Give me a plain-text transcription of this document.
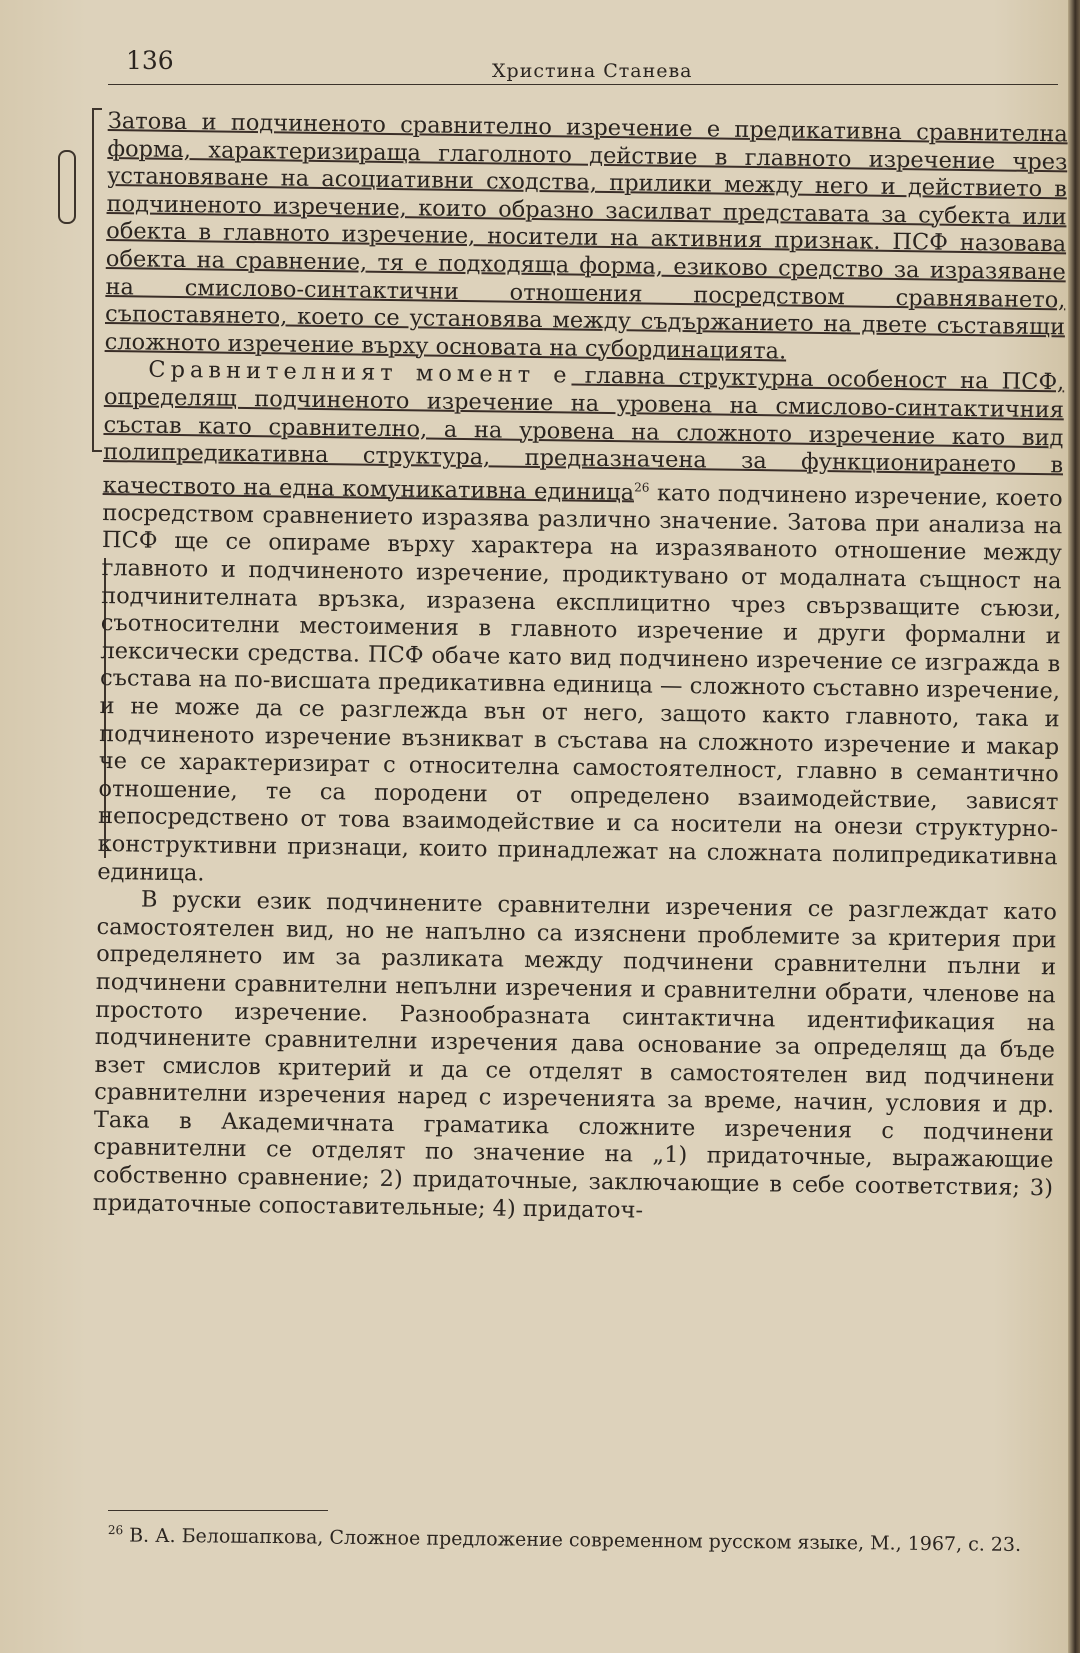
136	Христина Станева

Затова и подчиненото сравнително изречение е предикативна сравнителна форма, характеризираща глаголното действие в главното изречение чрез установяване на асоциативни сходства, прилики между него и действието в подчиненото изречение, които образно засилват представата за субекта или обекта в главното изречение, носители на активния признак. ПСФ назовава обекта на сравнение, тя е подходяща форма, езиково средство за изразяване на смислово-синтактични отношения посредством сравняването, съпоставянето, което се установява между съдържанието на двете съставящи сложното изречение върху основата на субординацията.

Сравнителният момент е главна структурна особеност на ПСФ, определящ подчиненото изречение на уровена на смисловo-синтактичния състав като сравнително, а на уровена на сложното изречение като вид полипредикативна структура, предназначена за функционирането в качеството на една комуникативна единица$^{26}$ като подчинено изречение, което посредством сравнението изразява различно значение. Затова при анализа на ПСФ ще се опираме върху характера на изразяваното отношение между главното и подчиненото изречение, продиктувано от модалната същност на подчинителната връзка, изразена експлицитно чрез свързващите съюзи, съотносителни местоимения в главното изречение и други формални и лексически средства. ПСФ обаче като вид подчинено изречение се изгражда в състава на по-висшата предикативна единица — сложното съставно изречение, и не може да се разглежда вън от него, защото както главното, така и подчиненото изречение възникват в състава на сложното изречение и макар че се характеризират с относителна самостоятелност, главно в семантично отношение, те са породени от определено взаимодействие, зависят непосредствено от това взаимодействие и са носители на онези структурно-конструктивни признаци, които принадлежат на сложната полипредикативна единица.

В руски език подчинените сравнителни изречения се разглеждат като самостоятелен вид, но не напълно са изяснени проблемите за критерия при определянето им за разликата между подчинени сравнителни пълни и подчинени сравнителни непълни изречения и сравнителни обрати, членове на простото изречение. Разнообразната синтактична идентификация на подчинените сравнителни изречения дава основание за определящ да бъде взет смислов критерий и да се отделят в самостоятелен вид подчинени сравнителни изречения наред с изреченията за време, начин, условия и др. Така в Академичната граматика сложните изречения с подчинени сравнителни се отделят по значение на „1) придаточные, выражающие собственно сравнение; 2) придаточные, заключающие в себе соответствия; 3) придаточные сопоставительные; 4) придаточ-

$^{26}$ В. А. Белошапкова, Сложное предложение современном русском языке, М., 1967, с. 23.
